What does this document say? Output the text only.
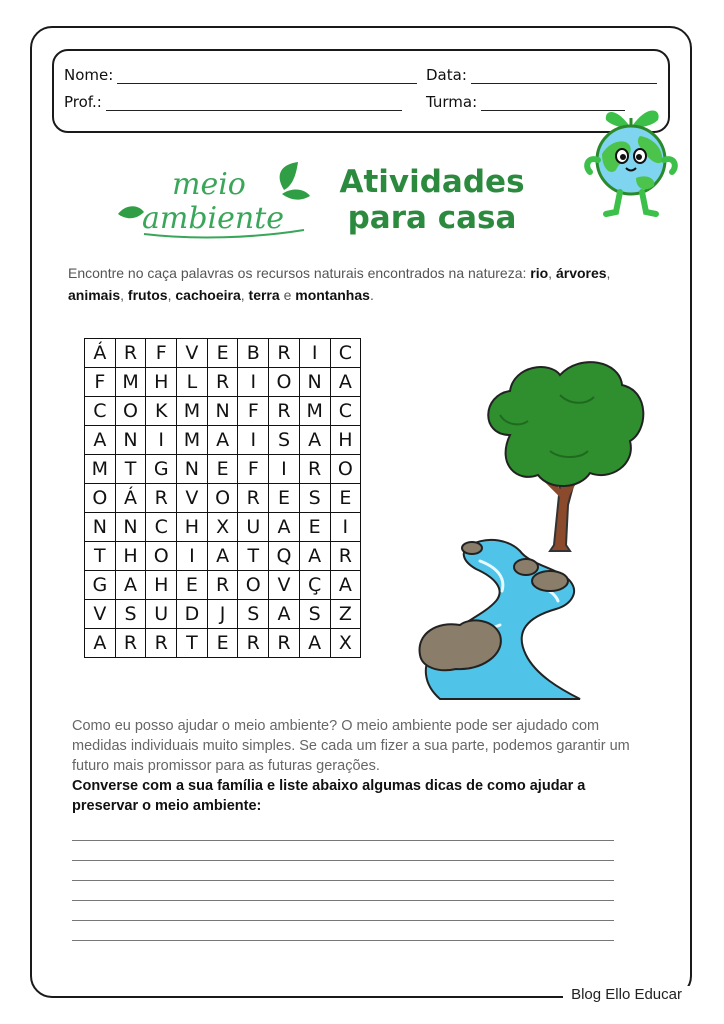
Blog Ello Educar
Nome:	Data:
Prof.:	Turma:
meio
ambiente
Atividades
para casa
Encontre no caça palavras os recursos naturais encontrados na natureza: rio, árvores, animais, frutos, cachoeira, terra e montanhas.
Á	R	F	V	E	B	R	I	C
F	M	H	L	R	I	O	N	A
C	O	K	M	N	F	R	M	C
A	N	I	M	A	I	S	A	H
M	T	G	N	E	F	I	R	O
O	Á	R	V	O	R	E	S	E
N	N	C	H	X	U	A	E	I
T	H	O	I	A	T	Q	A	R
G	A	H	E	R	O	V	Ç	A
V	S	U	D	J	S	A	S	Z
A	R	R	T	E	R	R	A	X
Como eu posso ajudar o meio ambiente? O meio ambiente pode ser ajudado com medidas individuais muito simples. Se cada um fizer a sua parte, podemos garantir um futuro mais promissor para as futuras gerações.
Converse com a sua família e liste abaixo algumas dicas de como ajudar a preservar o meio ambiente:
